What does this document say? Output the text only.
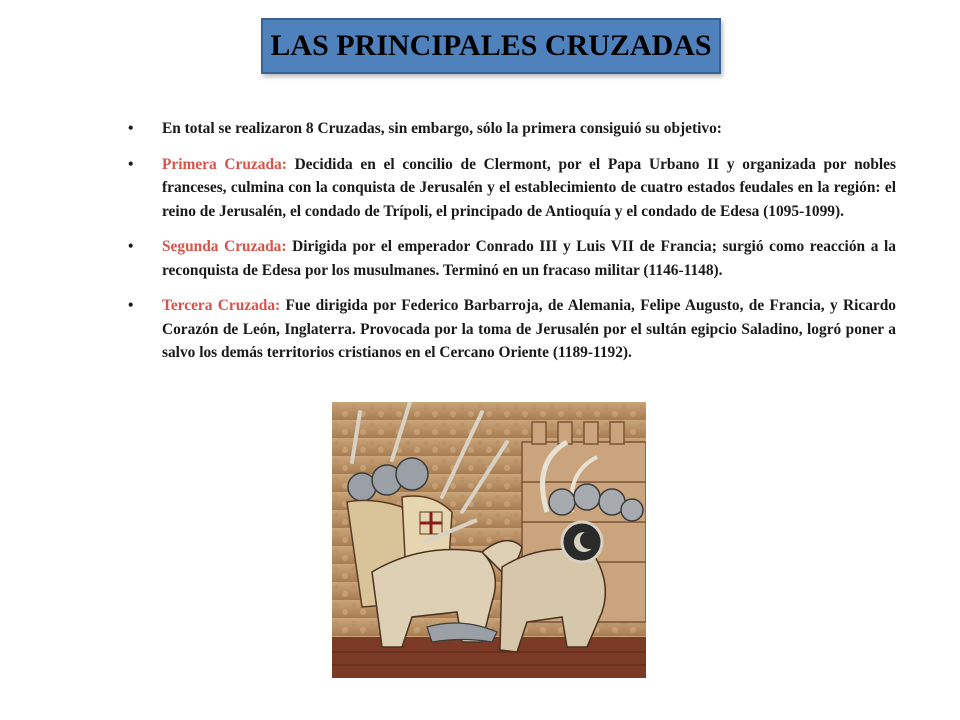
LAS PRINCIPALES CRUZADAS
• En total se realizaron 8 Cruzadas, sin embargo, sólo la primera consiguió su objetivo:
• Primera Cruzada: Decidida en el concilio de Clermont, por el Papa Urbano II y organizada por nobles franceses, culmina con la conquista de Jerusalén y el establecimiento de cuatro estados feudales en la región: el reino de Jerusalén, el condado de Trípoli, el principado de Antioquía y el condado de Edesa (1095-1099).
• Segunda Cruzada: Dirigida por el emperador Conrado III y Luis VII de Francia; surgió como reacción a la reconquista de Edesa por los musulmanes. Terminó en un fracaso militar (1146-1148).
• Tercera Cruzada: Fue dirigida por Federico Barbarroja, de Alemania, Felipe Augusto, de Francia, y Ricardo Corazón de León, Inglaterra. Provocada por la toma de Jerusalén por el sultán egipcio Saladino, logró poner a salvo los demás territorios cristianos en el Cercano Oriente (1189-1192).
